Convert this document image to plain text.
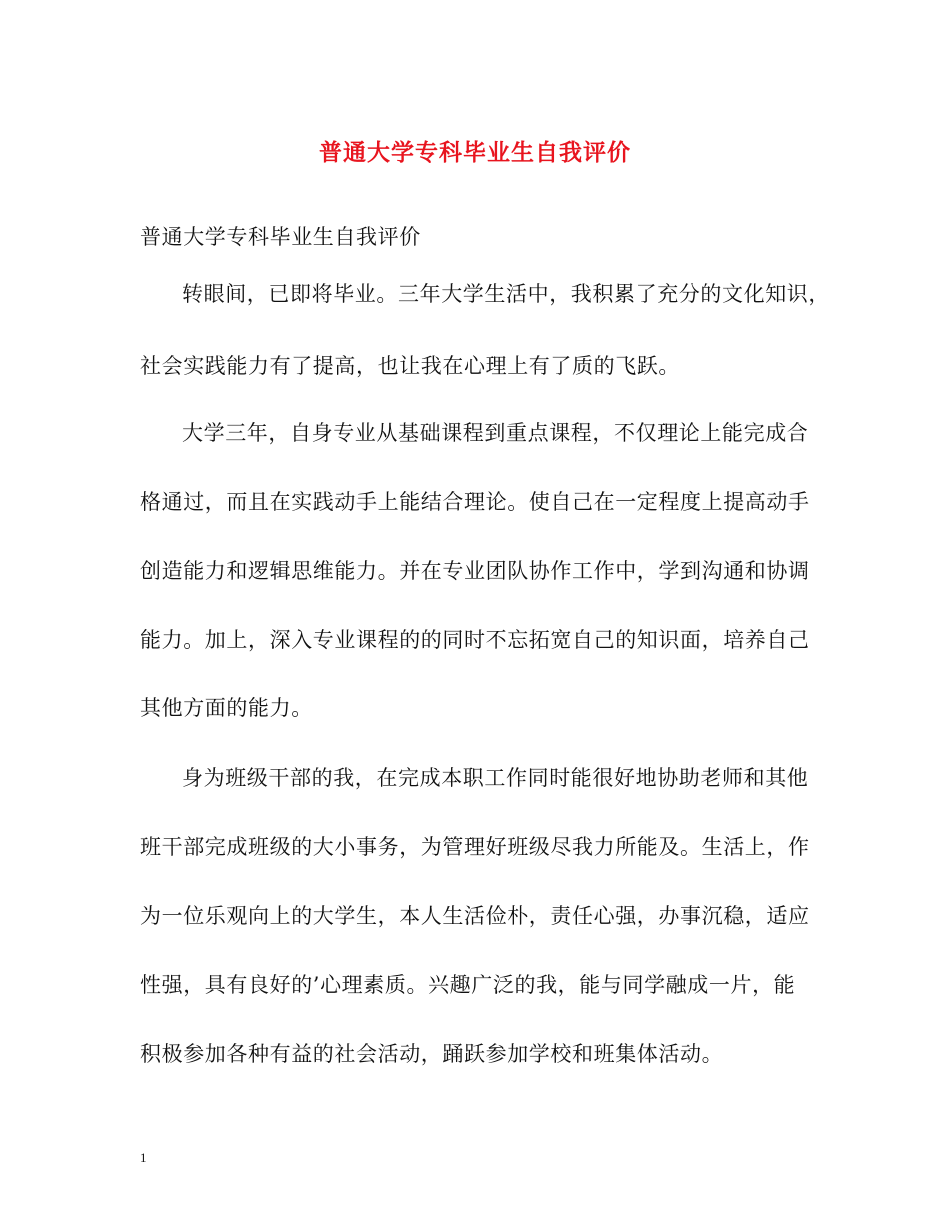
普通大学专科毕业生自我评价
普通大学专科毕业生自我评价
转眼间，已即将毕业。三年大学生活中，我积累了充分的文化知识，
社会实践能力有了提高，也让我在心理上有了质的飞跃。
大学三年，自身专业从基础课程到重点课程，不仅理论上能完成合
格通过，而且在实践动手上能结合理论。使自己在一定程度上提高动手
创造能力和逻辑思维能力。并在专业团队协作工作中，学到沟通和协调
能力。加上，深入专业课程的的同时不忘拓宽自己的知识面，培养自己
其他方面的能力。
身为班级干部的我，在完成本职工作同时能很好地协助老师和其他
班干部完成班级的大小事务，为管理好班级尽我力所能及。生活上，作
为一位乐观向上的大学生，本人生活俭朴，责任心强，办事沉稳，适应
性强，具有良好的’心理素质。兴趣广泛的我，能与同学融成一片，能
积极参加各种有益的社会活动，踊跃参加学校和班集体活动。
1
